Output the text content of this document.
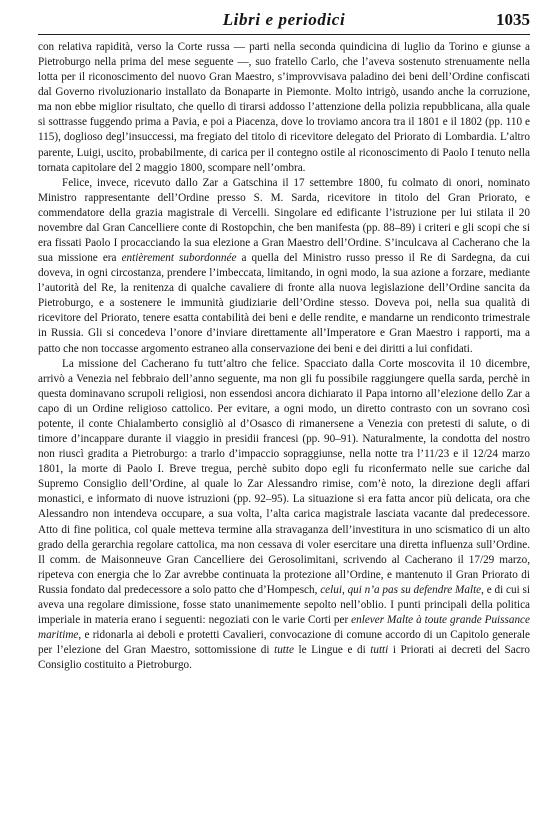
Libri e periodici	1035

con relativa rapidità, verso la Corte russa — parti nella seconda quindicina di luglio da Torino e giunse a Pietroburgo nella prima del mese seguente —, suo fratello Carlo, che l’aveva sostenuto strenuamente nella lotta per il riconoscimento del nuovo Gran Maestro, s’improvvisava paladino dei beni dell’Ordine confiscati dal Governo rivoluzionario installato da Bonaparte in Piemonte. Molto intrigò, usando anche la corruzione, ma non ebbe miglior risultato, che quello di tirarsi addosso l’attenzione della polizia repubblicana, alla quale si sottrasse fuggendo prima a Pavia, e poi a Piacenza, dove lo troviamo ancora tra il 1801 e il 1802 (pp. 110 e 115), doglioso degl’insuccessi, ma fregiato del titolo di ricevitore delegato del Priorato di Lombardia. L’altro parente, Luigi, uscito, probabilmente, di carica per il contegno ostile al riconoscimento di Paolo I tenuto nella tornata capitolare del 2 maggio 1800, scompare nell’ombra.

Felice, invece, ricevuto dallo Zar a Gatschina il 17 settembre 1800, fu colmato di onori, nominato Ministro rappresentante dell’Ordine presso S. M. Sarda, ricevitore in titolo del Gran Priorato, e commendatore della grazia magistrale di Vercelli. Singolare ed edificante l’istruzione per lui stilata il 20 novembre dal Gran Cancelliere conte di Rostopchin, che ben manifesta (pp. 88–89) i criteri e gli scopi che si era fissati Paolo I procacciando la sua elezione a Gran Maestro dell’Ordine. S’inculcava al Cacherano che la sua missione era entièrement subordonnée a quella del Ministro russo presso il Re di Sardegna, da cui doveva, in ogni circostanza, prendere l’imbeccata, limitando, in ogni modo, la sua azione a forzare, mediante l’autorità del Re, la renitenza di qualche cavaliere di fronte alla nuova legislazione dell’Ordine sancita da Pietroburgo, e a sostenere le immunità giudiziarie dell’Ordine stesso. Doveva poi, nella sua qualità di ricevitore del Priorato, tenere esatta contabilità dei beni e delle rendite, e mandarne un rendiconto trimestrale in Russia. Gli si concedeva l’onore d’inviare direttamente all’Imperatore e Gran Maestro i rapporti, ma a patto che non toccasse argomento estraneo alla conservazione dei beni e dei diritti a lui confidati.

La missione del Cacherano fu tutt’altro che felice. Spacciato dalla Corte moscovita il 10 dicembre, arrivò a Venezia nel febbraio dell’anno seguente, ma non gli fu possibile raggiungere quella sarda, perchè in questa dominavano scrupoli religiosi, non essendosi ancora dichiarato il Papa intorno all’elezione dello Zar a capo di un Ordine religioso cattolico. Per evitare, a ogni modo, un diretto contrasto con un sovrano così potente, il conte Chialamberto consigliò al d’Osasco di rimanersene a Venezia con pretesti di salute, o di timore d’incappare durante il viaggio in presidii francesi (pp. 90–91). Naturalmente, la condotta del nostro non riuscì gradita a Pietroburgo: a trarlo d’impaccio sopraggiunse, nella notte tra l’11/23 e il 12/24 marzo 1801, la morte di Paolo I. Breve tregua, perchè subito dopo egli fu riconfermato nelle sue cariche dal Supremo Consiglio dell’Ordine, al quale lo Zar Alessandro rimise, com’è noto, la direzione degli affari monastici, e informato di nuove istruzioni (pp. 92–95). La situazione si era fatta ancor più delicata, ora che Alessandro non intendeva occupare, a sua volta, l’alta carica magistrale lasciata vacante dal predecessore. Atto di fine politica, col quale metteva termine alla stravaganza dell’investitura in uno scismatico di un alto grado della gerarchia regolare cattolica, ma non cessava di voler esercitare una diretta influenza sull’Ordine. Il comm. de Maisonneuve Gran Cancelliere dei Gerosolimitani, scrivendo al Cacherano il 17/29 marzo, ripeteva con energia che lo Zar avrebbe continuata la protezione all’Ordine, e mantenuto il Gran Priorato di Russia fondato dal predecessore a solo patto che d’Hompesch, celui, qui n’a pas su defendre Malte, e di cui si aveva una regolare dimissione, fosse stato unanimemente sepolto nell’oblio. I punti principali della politica imperiale in materia erano i seguenti: negoziati con le varie Corti per enlever Malte à toute grande Puissance maritime, e ridonarla ai deboli e protetti Cavalieri, convocazione di comune accordo di un Capitolo generale per l’elezione del Gran Maestro, sottomissione di tutte le Lingue e di tutti i Priorati ai decreti del Sacro Consiglio costituito a Pietroburgo.
